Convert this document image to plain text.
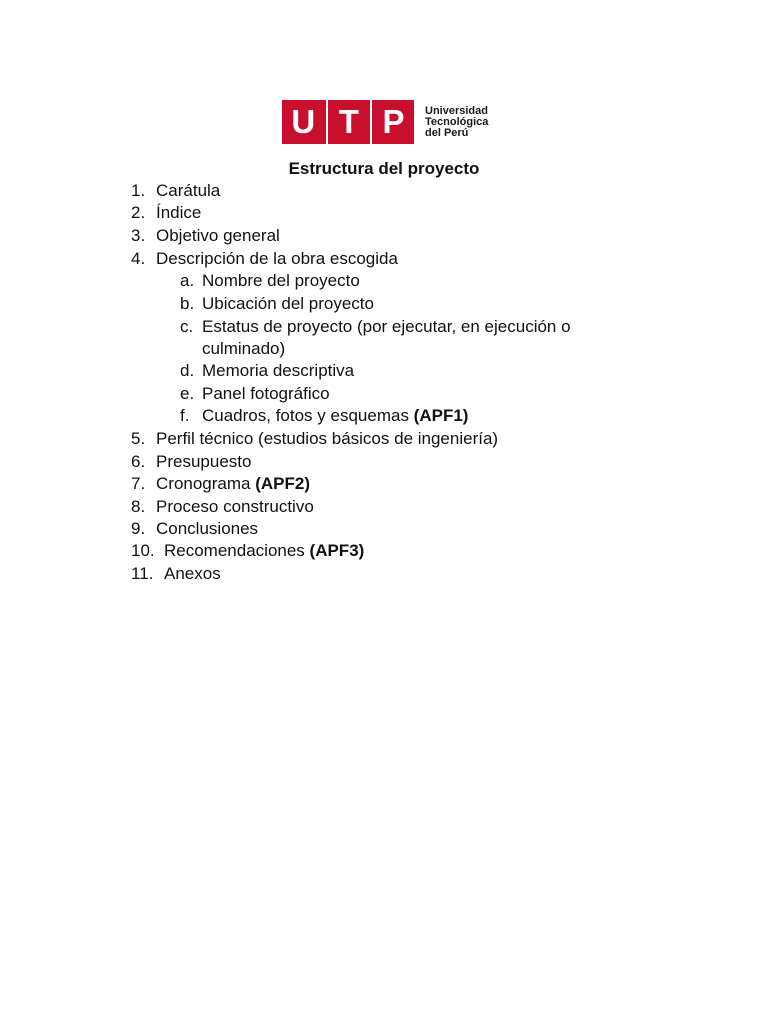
U T P Universidad
Tecnológica
del Perú
Estructura del proyecto
1. Carátula
2. Índice
3. Objetivo general
4. Descripción de la obra escogida
a. Nombre del proyecto
b. Ubicación del proyecto
c. Estatus de proyecto (por ejecutar, en ejecución o
culminado)
d. Memoria descriptiva
e. Panel fotográfico
f. Cuadros, fotos y esquemas (APF1)
5. Perfil técnico (estudios básicos de ingeniería)
6. Presupuesto
7. Cronograma (APF2)
8. Proceso constructivo
9. Conclusiones
10. Recomendaciones (APF3)
11. Anexos
